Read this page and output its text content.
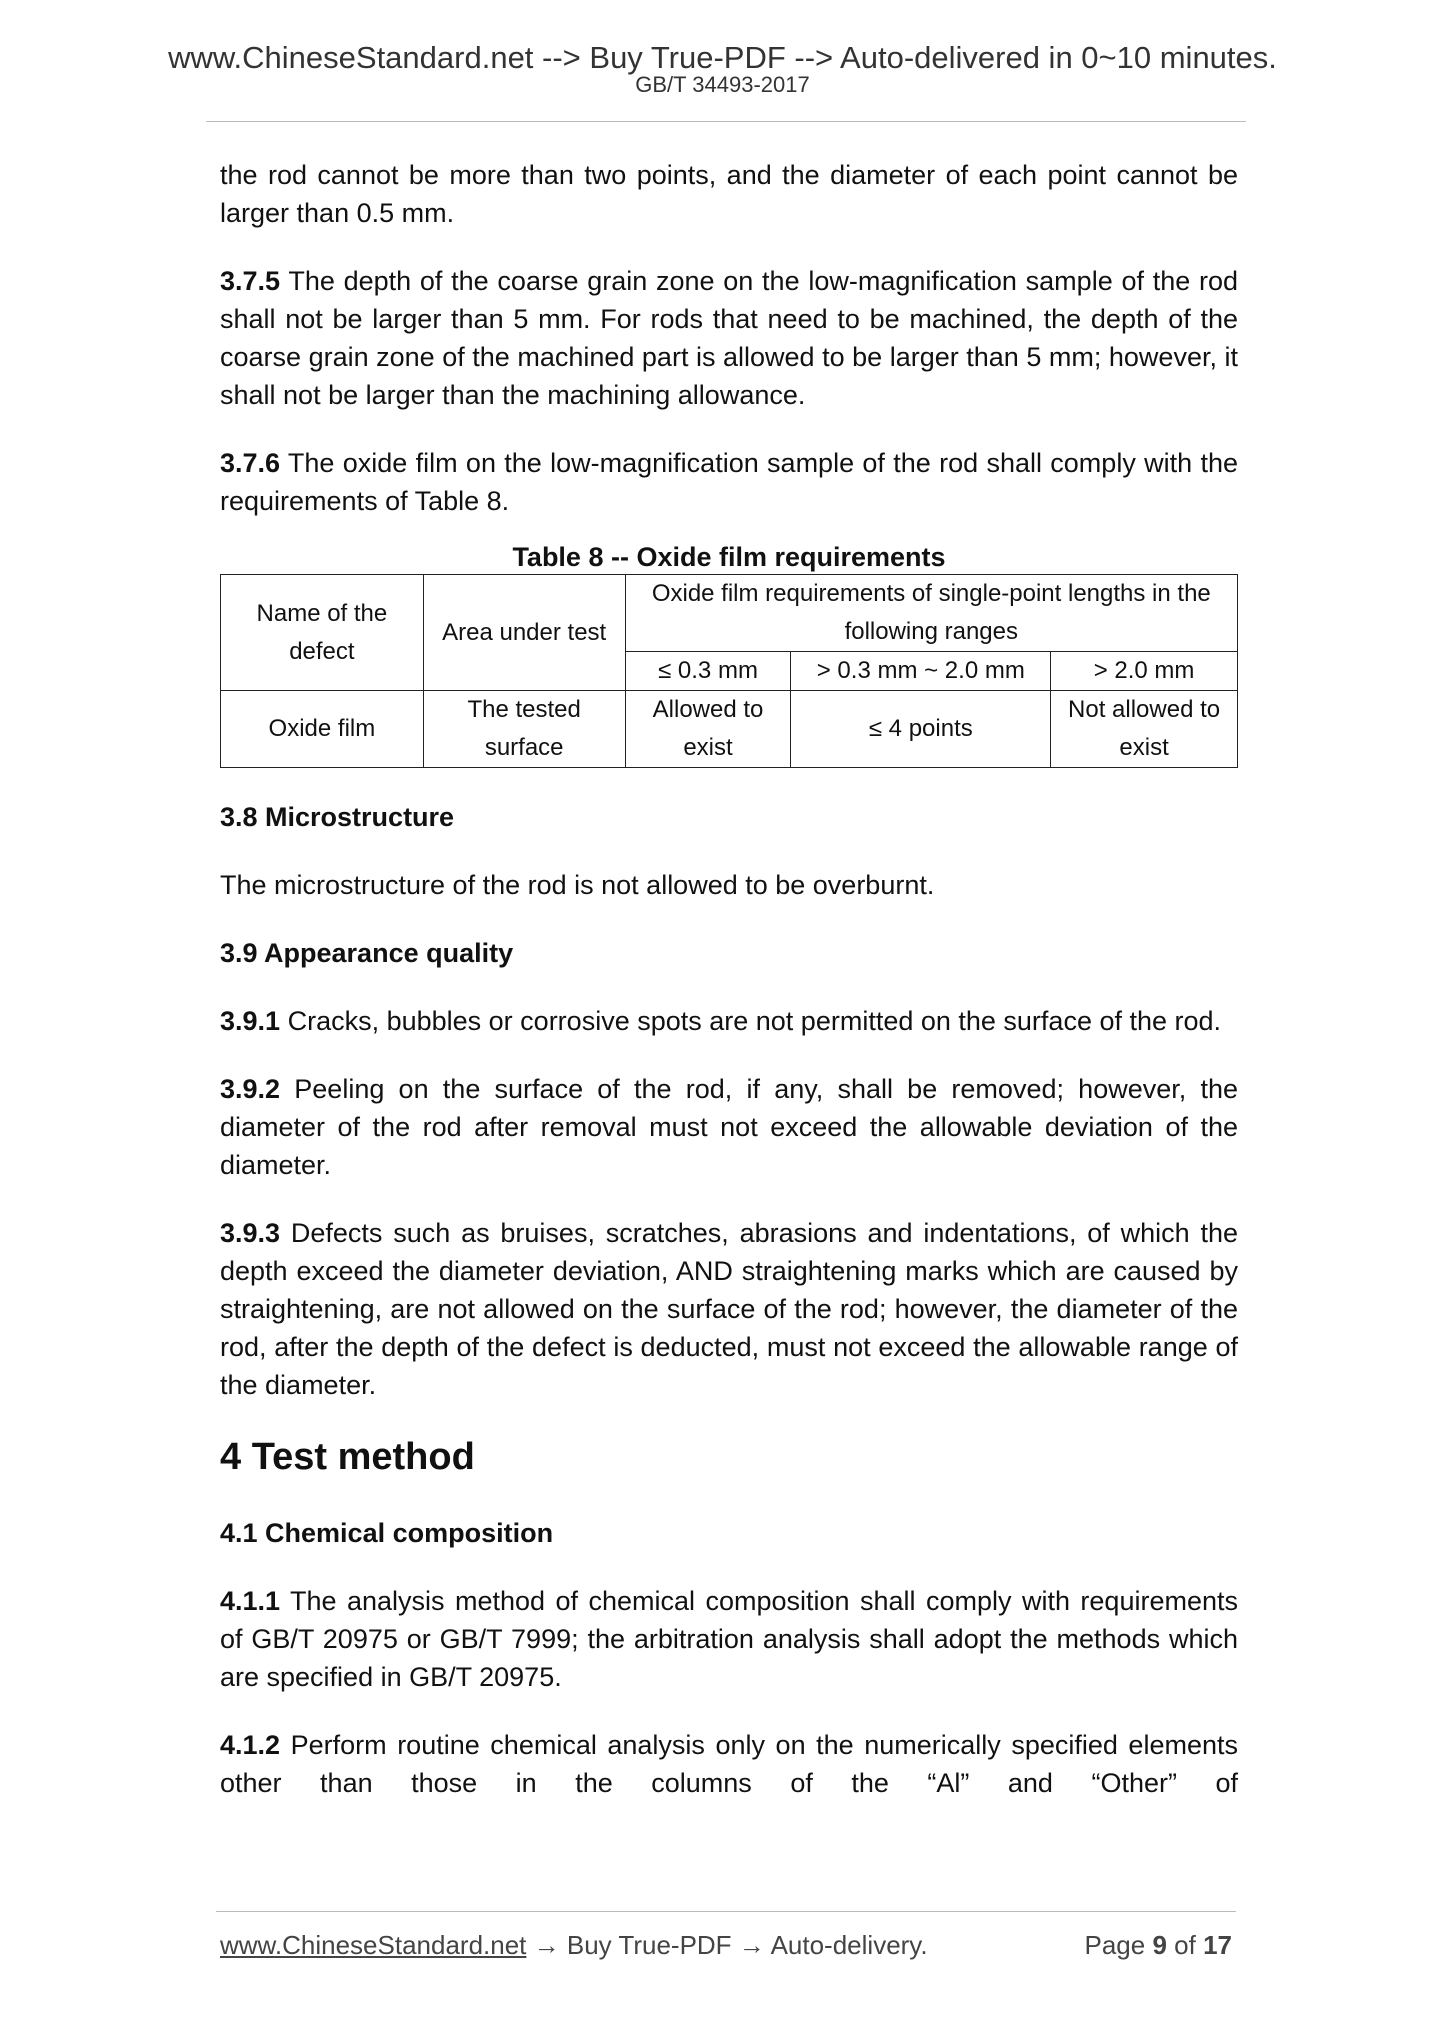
www.ChineseStandard.net --> Buy True-PDF --> Auto-delivered in 0~10 minutes.
GB/T 34493-2017

the rod cannot be more than two points, and the diameter of each point cannot be larger than 0.5 mm.

3.7.5 The depth of the coarse grain zone on the low-magnification sample of the rod shall not be larger than 5 mm. For rods that need to be machined, the depth of the coarse grain zone of the machined part is allowed to be larger than 5 mm; however, it shall not be larger than the machining allowance.

3.7.6 The oxide film on the low-magnification sample of the rod shall comply with the requirements of Table 8.

Table 8 -- Oxide film requirements
Name of the defect	Area under test	Oxide film requirements of single-point lengths in the following ranges		
		≤ 0.3 mm	> 0.3 mm ~ 2.0 mm	> 2.0 mm
Oxide film	The tested surface	Allowed to exist	≤ 4 points	Not allowed to exist
3.8 Microstructure

The microstructure of the rod is not allowed to be overburnt.

3.9 Appearance quality

3.9.1 Cracks, bubbles or corrosive spots are not permitted on the surface of the rod.

3.9.2 Peeling on the surface of the rod, if any, shall be removed; however, the diameter of the rod after removal must not exceed the allowable deviation of the diameter.

3.9.3 Defects such as bruises, scratches, abrasions and indentations, of which the depth exceed the diameter deviation, AND straightening marks which are caused by straightening, are not allowed on the surface of the rod; however, the diameter of the rod, after the depth of the defect is deducted, must not exceed the allowable range of the diameter.

4 Test method
4.1 Chemical composition

4.1.1 The analysis method of chemical composition shall comply with requirements of GB/T 20975 or GB/T 7999; the arbitration analysis shall adopt the methods which are specified in GB/T 20975.

4.1.2 Perform routine chemical analysis only on the numerically specified elements other than those in the columns of the “Al” and “Other” of

www.ChineseStandard.net → Buy True-PDF → Auto-delivery.	Page 9 of 17
